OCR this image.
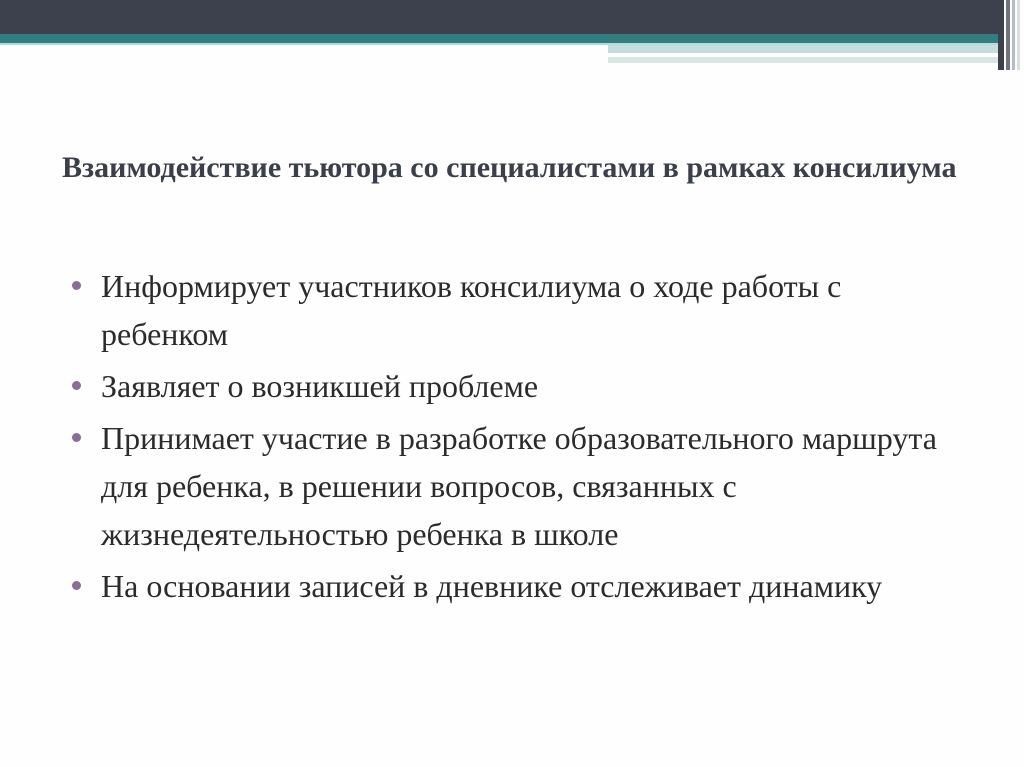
Взаимодействие тьютора со специалистами в рамках консилиума
Информирует участников консилиума о ходе работы с ребенком
Заявляет о возникшей проблеме
Принимает участие в разработке образовательного маршрута для ребенка, в решении вопросов, связанных с жизнедеятельностью ребенка в школе
На основании записей в дневнике отслеживает динамику
